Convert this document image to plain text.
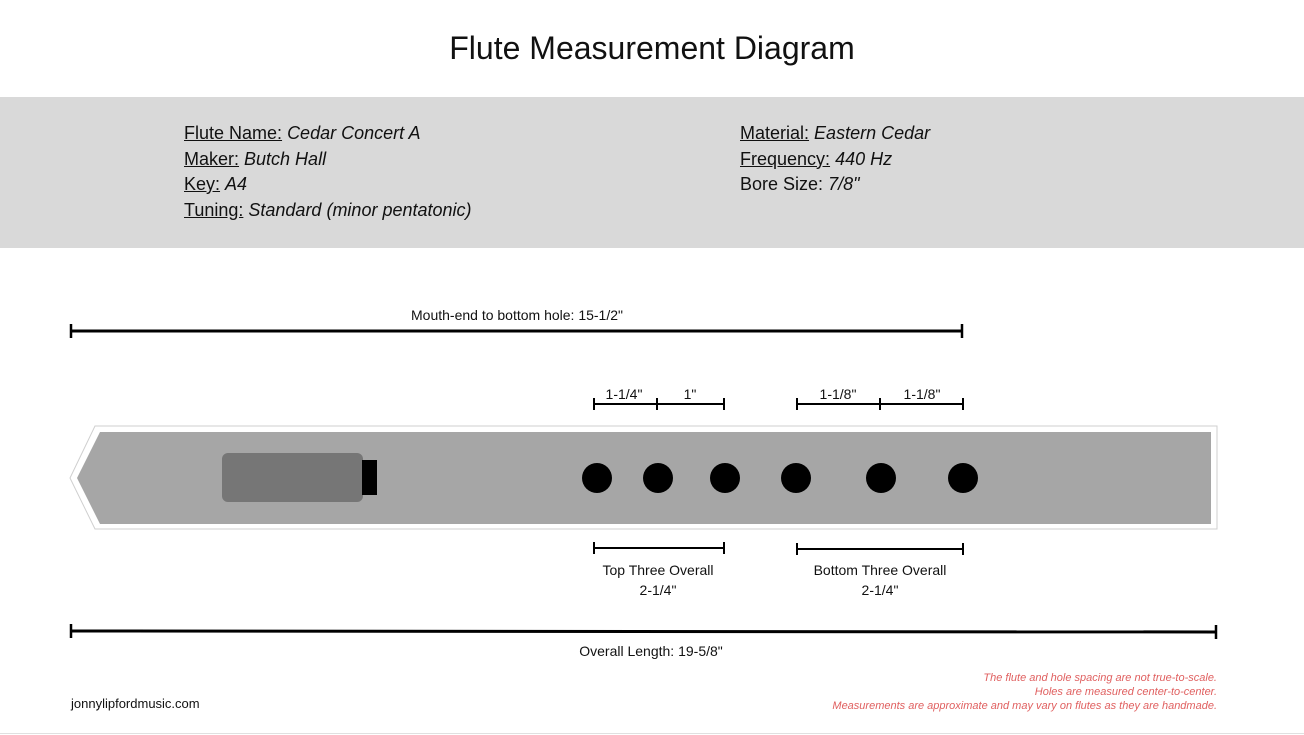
Flute Measurement Diagram
Flute Name: Cedar Concert A
Maker: Butch Hall
Key: A4
Tuning: Standard (minor pentatonic)
Material: Eastern Cedar
Frequency: 440 Hz
Bore Size: 7/8"
Mouth-end to bottom hole: 15-1/2"
1-1/4"	1"	1-1/8"	1-1/8"
Top Three Overall
2-1/4"
Bottom Three Overall
2-1/4"
Overall Length: 19-5/8"
jonnylipfordmusic.com
The flute and hole spacing are not true-to-scale.
Holes are measured center-to-center.
Measurements are approximate and may vary on flutes as they are handmade.
